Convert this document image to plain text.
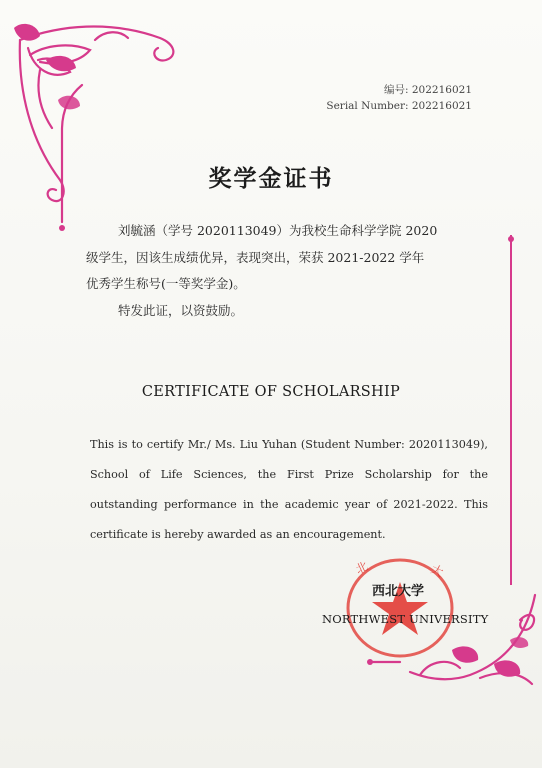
编号: 202216021
Serial Number: 202216021
奖学金证书

刘毓涵（学号 2020113049）为我校生命科学学院 2020

级学生，因该生成绩优异，表现突出，荣获 2021-2022 学年

优秀学生称号(一等奖学金)。

特发此证，以资鼓励。

CERTIFICATE OF SCHOLARSHIP

This is to certify Mr./ Ms. Liu Yuhan (Student Number: 2020113049), School of Life Sciences, the First Prize Scholarship for the outstanding performance in the academic year of 2021-2022. This certificate is hereby awarded as an encouragement.

北	大
西北大学
NORTHWEST UNIVERSITY
